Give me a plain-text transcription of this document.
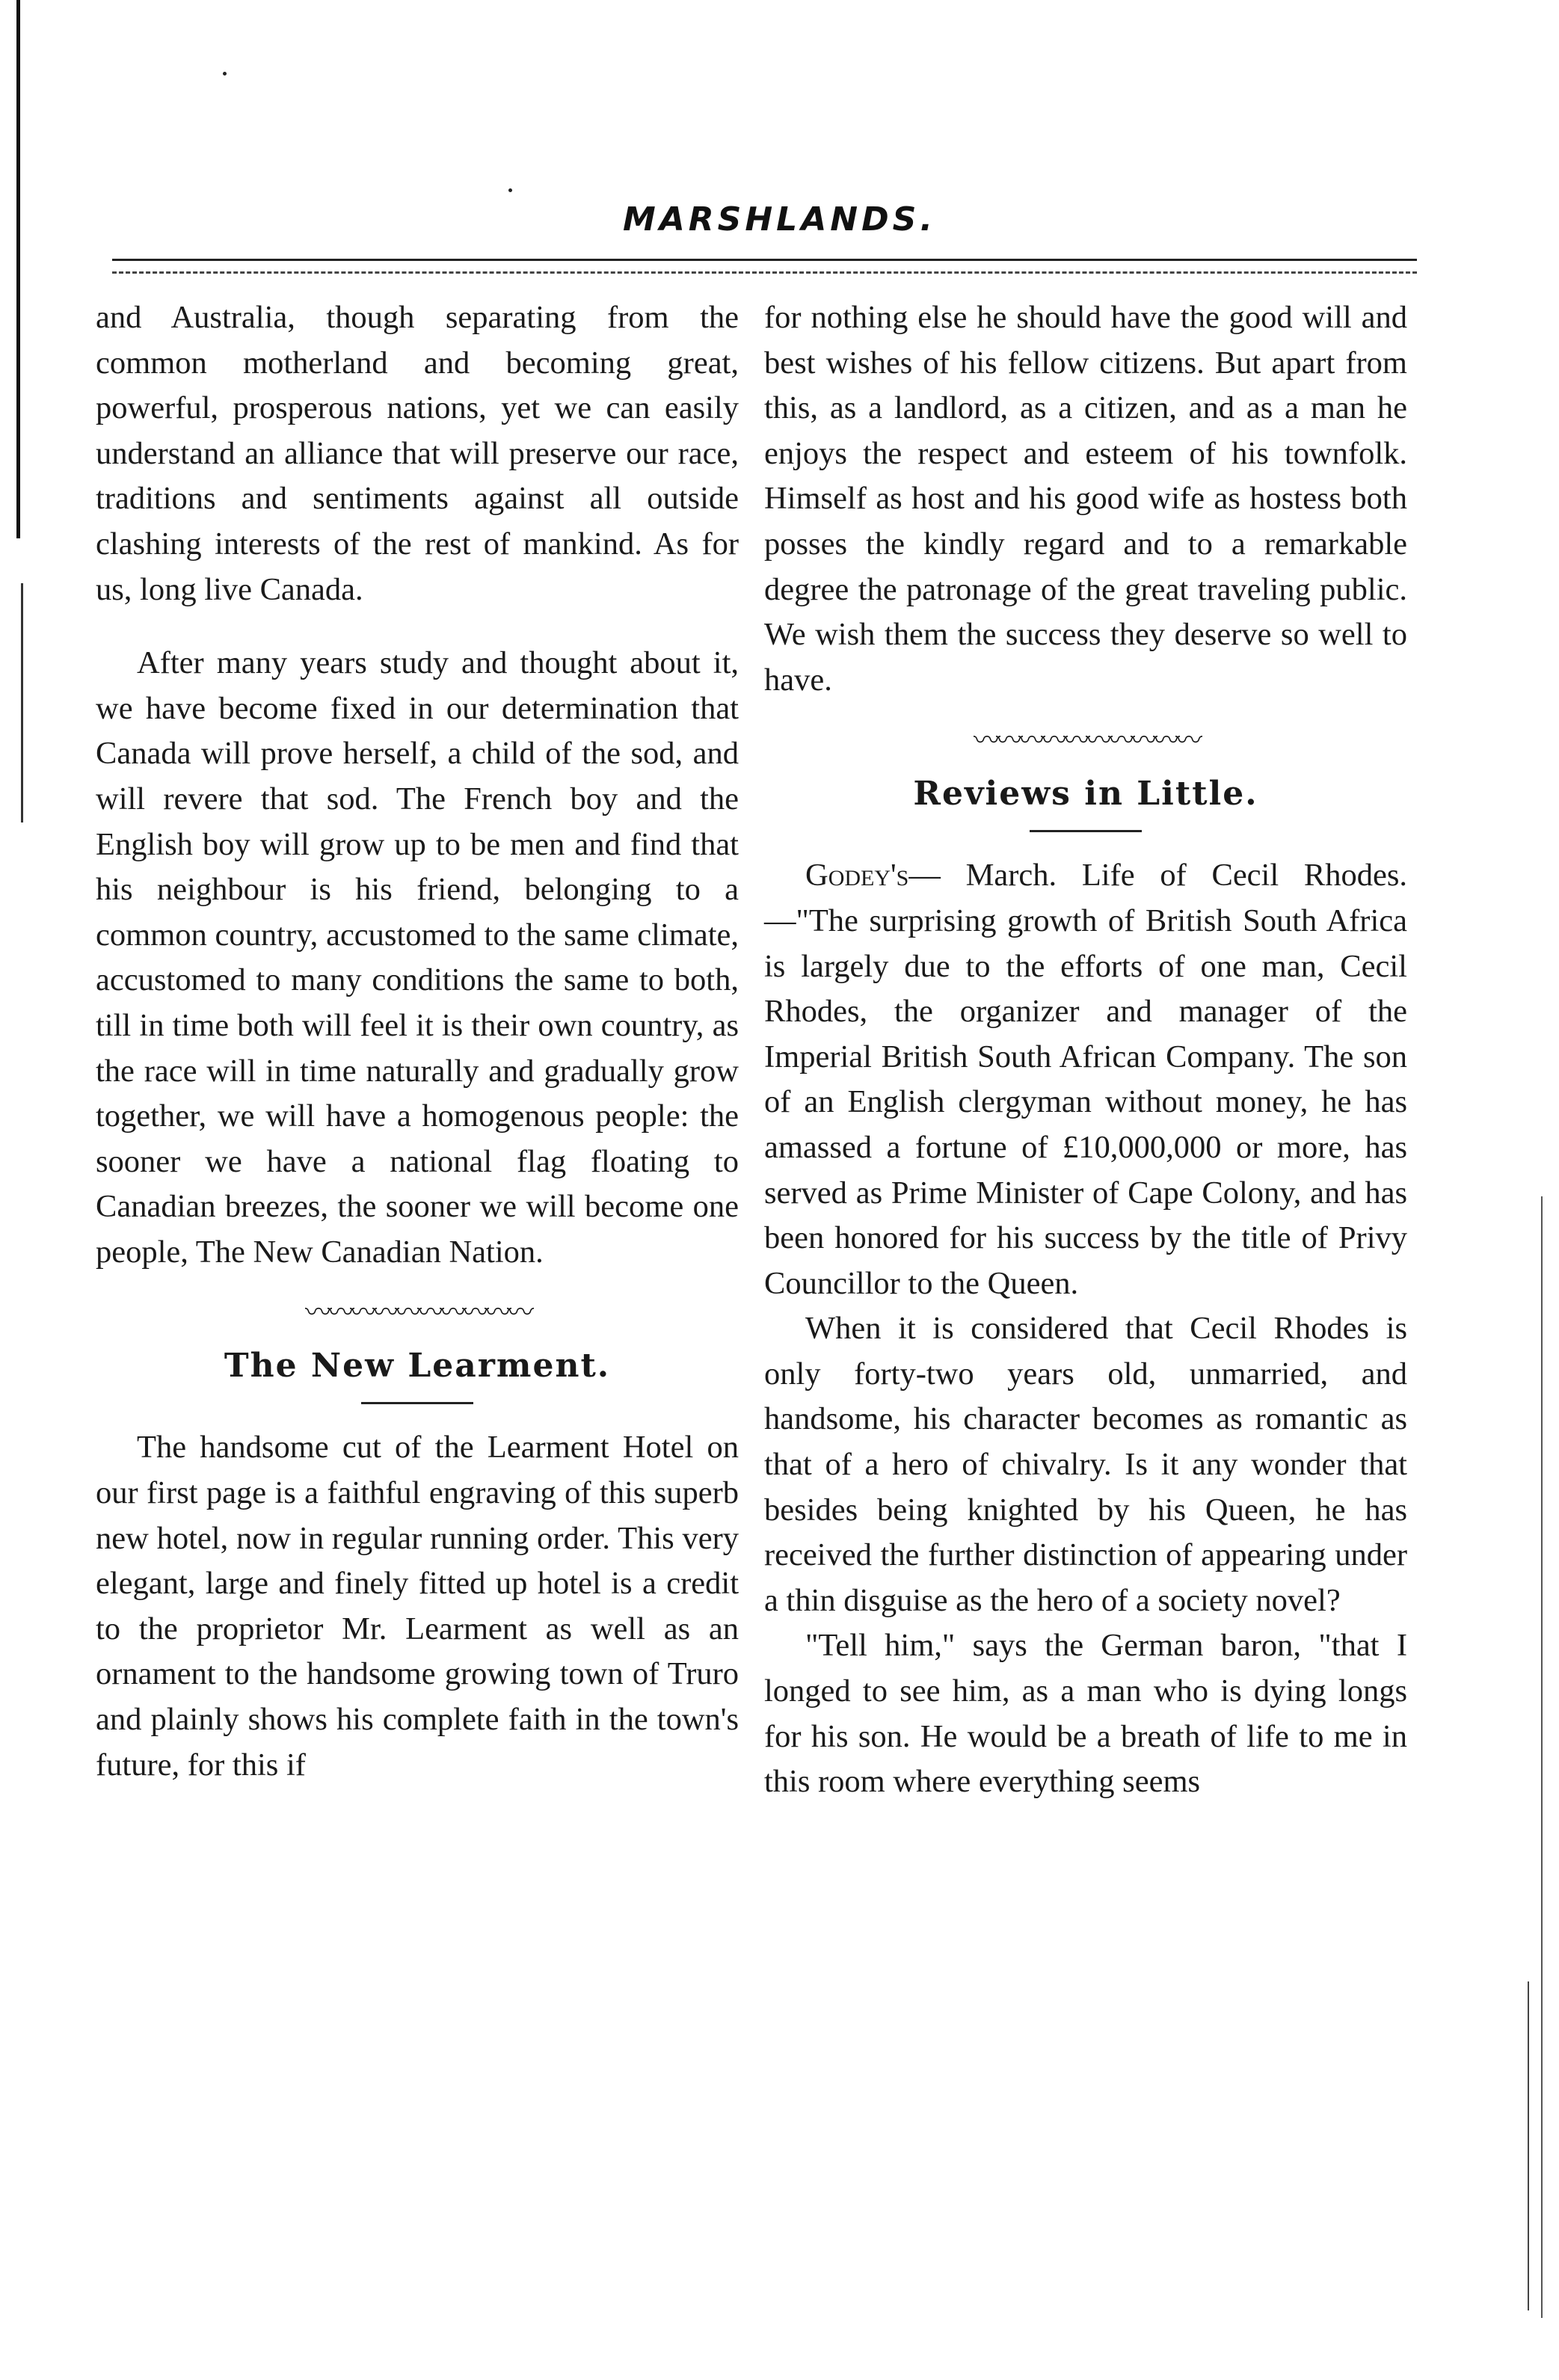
MARSHLANDS.

and Australia, though separating from the common motherland and becoming great, powerful, prosperous nations, yet we can easily understand an alliance that will preserve our race, traditions and sentiments against all outside clashing interests of the rest of mankind. As for us, long live Canada.

After many years study and thought about it, we have become fixed in our determination that Canada will prove herself, a child of the sod, and will revere that sod. The French boy and the English boy will grow up to be men and find that his neighbour is his friend, belonging to a common country, accustomed to the same climate, accustomed to many conditions the same to both, till in time both will feel it is their own country, as the race will in time naturally and gradually grow together, we will have a homogenous people: the sooner we have a national flag floating to Canadian breezes, the sooner we will become one people, The New Canadian Nation.

〰〰〰〰〰〰〰〰〰〰
The New Learment.

The handsome cut of the Learment Hotel on our first page is a faithful engraving of this superb new hotel, now in regular running order. This very elegant, large and finely fitted up hotel is a credit to the proprietor Mr. Learment as well as an ornament to the handsome growing town of Truro and plainly shows his complete faith in the town's future, for this if

for nothing else he should have the good will and best wishes of his fellow citizens. But apart from this, as a landlord, as a citizen, and as a man he enjoys the respect and esteem of his townfolk. Himself as host and his good wife as hostess both posses the kindly regard and to a remarkable degree the patronage of the great traveling public. We wish them the success they deserve so well to have.

〰〰〰〰〰〰〰〰〰〰
Reviews in Little.

Godey's— March. Life of Cecil Rhodes.—"The surprising growth of British South Africa is largely due to the efforts of one man, Cecil Rhodes, the organizer and manager of the Imperial British South African Company. The son of an English clergyman without money, he has amassed a fortune of £10,000,000 or more, has served as Prime Minister of Cape Colony, and has been honored for his success by the title of Privy Councillor to the Queen.

When it is considered that Cecil Rhodes is only forty-two years old, unmarried, and handsome, his character becomes as romantic as that of a hero of chivalry. Is it any wonder that besides being knighted by his Queen, he has received the further distinction of appearing under a thin disguise as the hero of a society novel?

"Tell him," says the German baron, "that I longed to see him, as a man who is dying longs for his son. He would be a breath of life to me in this room where everything seems
